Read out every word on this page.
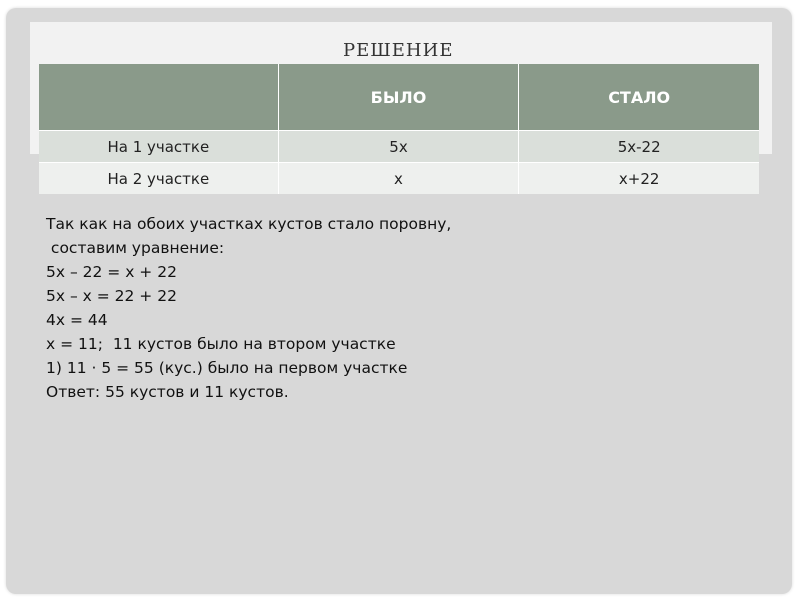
РЕШЕНИЕ
	БЫЛО	СТАЛО
На 1 участке	5х	5х-22
На 2 участке	х	х+22
Так как на обоих участках кустов стало поровну,
составим уравнение:
5х – 22 = х + 22
5х – х = 22 + 22
4х = 44
х = 11;  11 кустов было на втором участке
1) 11 · 5 = 55 (кус.) было на первом участке
Ответ: 55 кустов и 11 кустов.
